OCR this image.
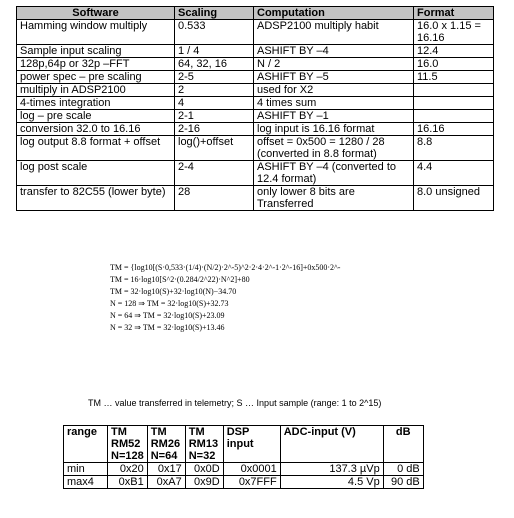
Software	Scaling	Computation	Format
Hamming window multiply	0.533	ADSP2100 multiply habit	16.0 x 1.15 = 16.16
Sample input scaling	1 / 4	ASHIFT BY –4	12.4
128p,64p or 32p –FFT	64, 32, 16	N / 2	16.0
power spec – pre scaling	2-5	ASHIFT BY –5	11.5
multiply in ADSP2100	2	used for X2	
4-times integration	4	4 times sum	
log – pre scale	2-1	ASHIFT BY –1	
conversion 32.0 to 16.16	2-16	log input is 16.16 format	16.16
log output 8.8 format + offset	log()+offset	offset = 0x500 = 1280 / 28 (converted in 8.8 format)	8.8
log post scale	2-4	ASHIFT BY –4 (converted to 12.4 format)	4.4
transfer to 82C55 (lower byte)	28	only lower 8 bits are Transferred	8.0 unsigned
TM = {log10[(S·0,533·(1/4)·(N/2)·2^-5)^2·2·4·2^-1·2^-16]+0x500·2^-
TM = 16·log10[S^2·(0.284/2^22)·N^2]+80
TM = 32·log10(S)+32·log10(N)−34.70
N = 128 ⇒ TM = 32·log10(S)+32.73
N = 64 ⇒ TM = 32·log10(S)+23.09
N = 32 ⇒ TM = 32·log10(S)+13.46
TM … value transferred in telemetry; S … Input sample (range: 1 to 2^15)
range	TM RM52 N=128	TM RM26 N=64	TM RM13 N=32	DSP input	ADC-input (V)	dB
min	0x20	0x17	0x0D	0x0001	137.3 µVp	0 dB
max4	0xB1	0xA7	0x9D	0x7FFF	4.5 Vp	90 dB
